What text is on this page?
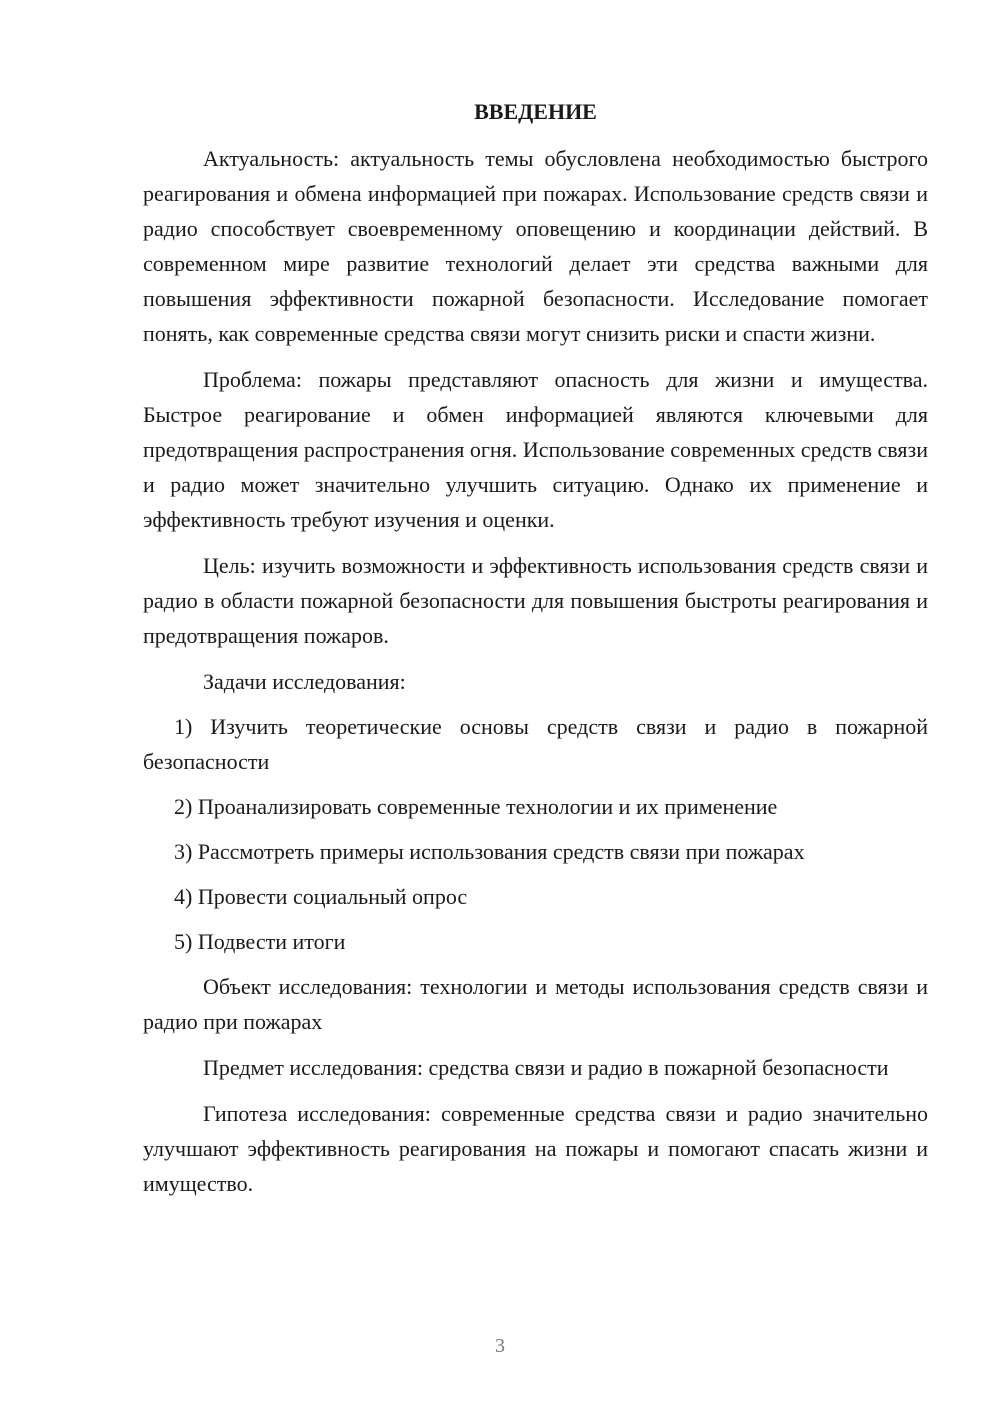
ВВЕДЕНИЕ

Актуальность: актуальность темы обусловлена необходимостью быстрого реагирования и обмена информацией при пожарах. Использование средств связи и радио способствует своевременному оповещению и координации действий. В современном мире развитие технологий делает эти средства важными для повышения эффективности пожарной безопасности. Исследование помогает понять, как современные средства связи могут снизить риски и спасти жизни.

Проблема: пожары представляют опасность для жизни и имущества. Быстрое реагирование и обмен информацией являются ключевыми для предотвращения распространения огня. Использование современных средств связи и радио может значительно улучшить ситуацию. Однако их применение и эффективность требуют изучения и оценки.

Цель: изучить возможности и эффективность использования средств связи и радио в области пожарной безопасности для повышения быстроты реагирования и предотвращения пожаров.

Задачи исследования:

1) Изучить теоретические основы средств связи и радио в пожарной безопасности

2) Проанализировать современные технологии и их применение

3) Рассмотреть примеры использования средств связи при пожарах

4) Провести социальный опрос

5) Подвести итоги

Объект исследования: технологии и методы использования средств связи и радио при пожарах

Предмет исследования: средства связи и радио в пожарной безопасности

Гипотеза исследования: современные средства связи и радио значительно улучшают эффективность реагирования на пожары и помогают спасать жизни и имущество.

3
